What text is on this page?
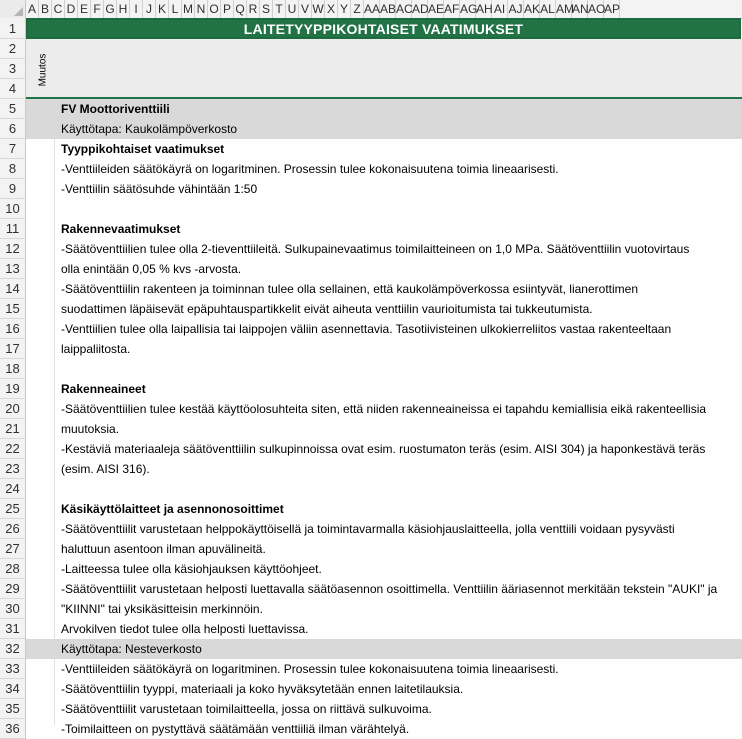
A B C D E F G H I J K L M N O P Q R S T U V W X Y Z AA AB AC AD AE AF AG
AH AI AJ AK AL AM
AN AO
AP
1
2
3
4
5
6
7
8
9
10
11
12
13
14
15
16
17
18
19
20
21
22
23
24
25
26
27
28
29
30
31
32
33
34
35
36
LAITETYYPPIKOHTAISET VAATIMUKSET
Muutos
FV Moottoriventtiili
Käyttötapa: Kaukolämpöverkosto
Tyyppikohtaiset vaatimukset
-Venttiileiden säätökäyrä on logaritminen. Prosessin tulee kokonaisuutena toimia lineaarisesti.
-Venttiilin säätösuhde vähintään 1:50
Rakennevaatimukset
-Säätöventtiilien tulee olla 2-tieventtiileitä. Sulkupainevaatimus toimilaitteineen on 1,0 MPa. Säätöventtiilin vuotovirtaus
olla enintään 0,05 % kvs -arvosta.
-Säätöventtiilin rakenteen ja toiminnan tulee olla sellainen, että kaukolämpöverkossa esiintyvät, lianerottimen
suodattimen läpäisevät epäpuhtauspartikkelit eivät aiheuta venttiilin vaurioitumista tai tukkeutumista.
-Venttiilien tulee olla laipallisia tai laippojen väliin asennettavia. Tasotiivisteinen ulkokierreliitos vastaa rakenteeltaan
laippaliitosta.
Rakenneaineet
-Säätöventtiilien tulee kestää käyttöolosuhteita siten, että niiden rakenneaineissa ei tapahdu kemiallisia eikä rakenteellisia
muutoksia.
-Kestäviä materiaaleja säätöventtiilin sulkupinnoissa ovat esim. ruostumaton teräs (esim. AISI 304) ja haponkestävä teräs
(esim. AISI 316).
Käsikäyttölaitteet ja asennonosoittimet
-Säätöventtiilit varustetaan helppokäyttöisellä ja toimintavarmalla käsiohjauslaitteella, jolla venttiili voidaan pysyvästi
haluttuun asentoon ilman apuvälineitä.
-Laitteessa tulee olla käsiohjauksen käyttöohjeet.
-Säätöventtiilit varustetaan helposti luettavalla säätöasennon osoittimella. Venttiilin ääriasennot merkitään tekstein "AUKI" ja
"KIINNI" tai yksikäsitteisin merkinnöin.
Arvokilven tiedot tulee olla helposti luettavissa.
Käyttötapa: Nesteverkosto
-Venttiileiden säätökäyrä on logaritminen. Prosessin tulee kokonaisuutena toimia lineaarisesti.
-Säätöventtiilin tyyppi, materiaali ja koko hyväksytetään ennen laitetilauksia.
-Säätöventtiilit varustetaan toimilaitteella, jossa on riittävä sulkuvoima.
-Toimilaitteen on pystyttävä säätämään venttiiliä ilman värähtelyä.
